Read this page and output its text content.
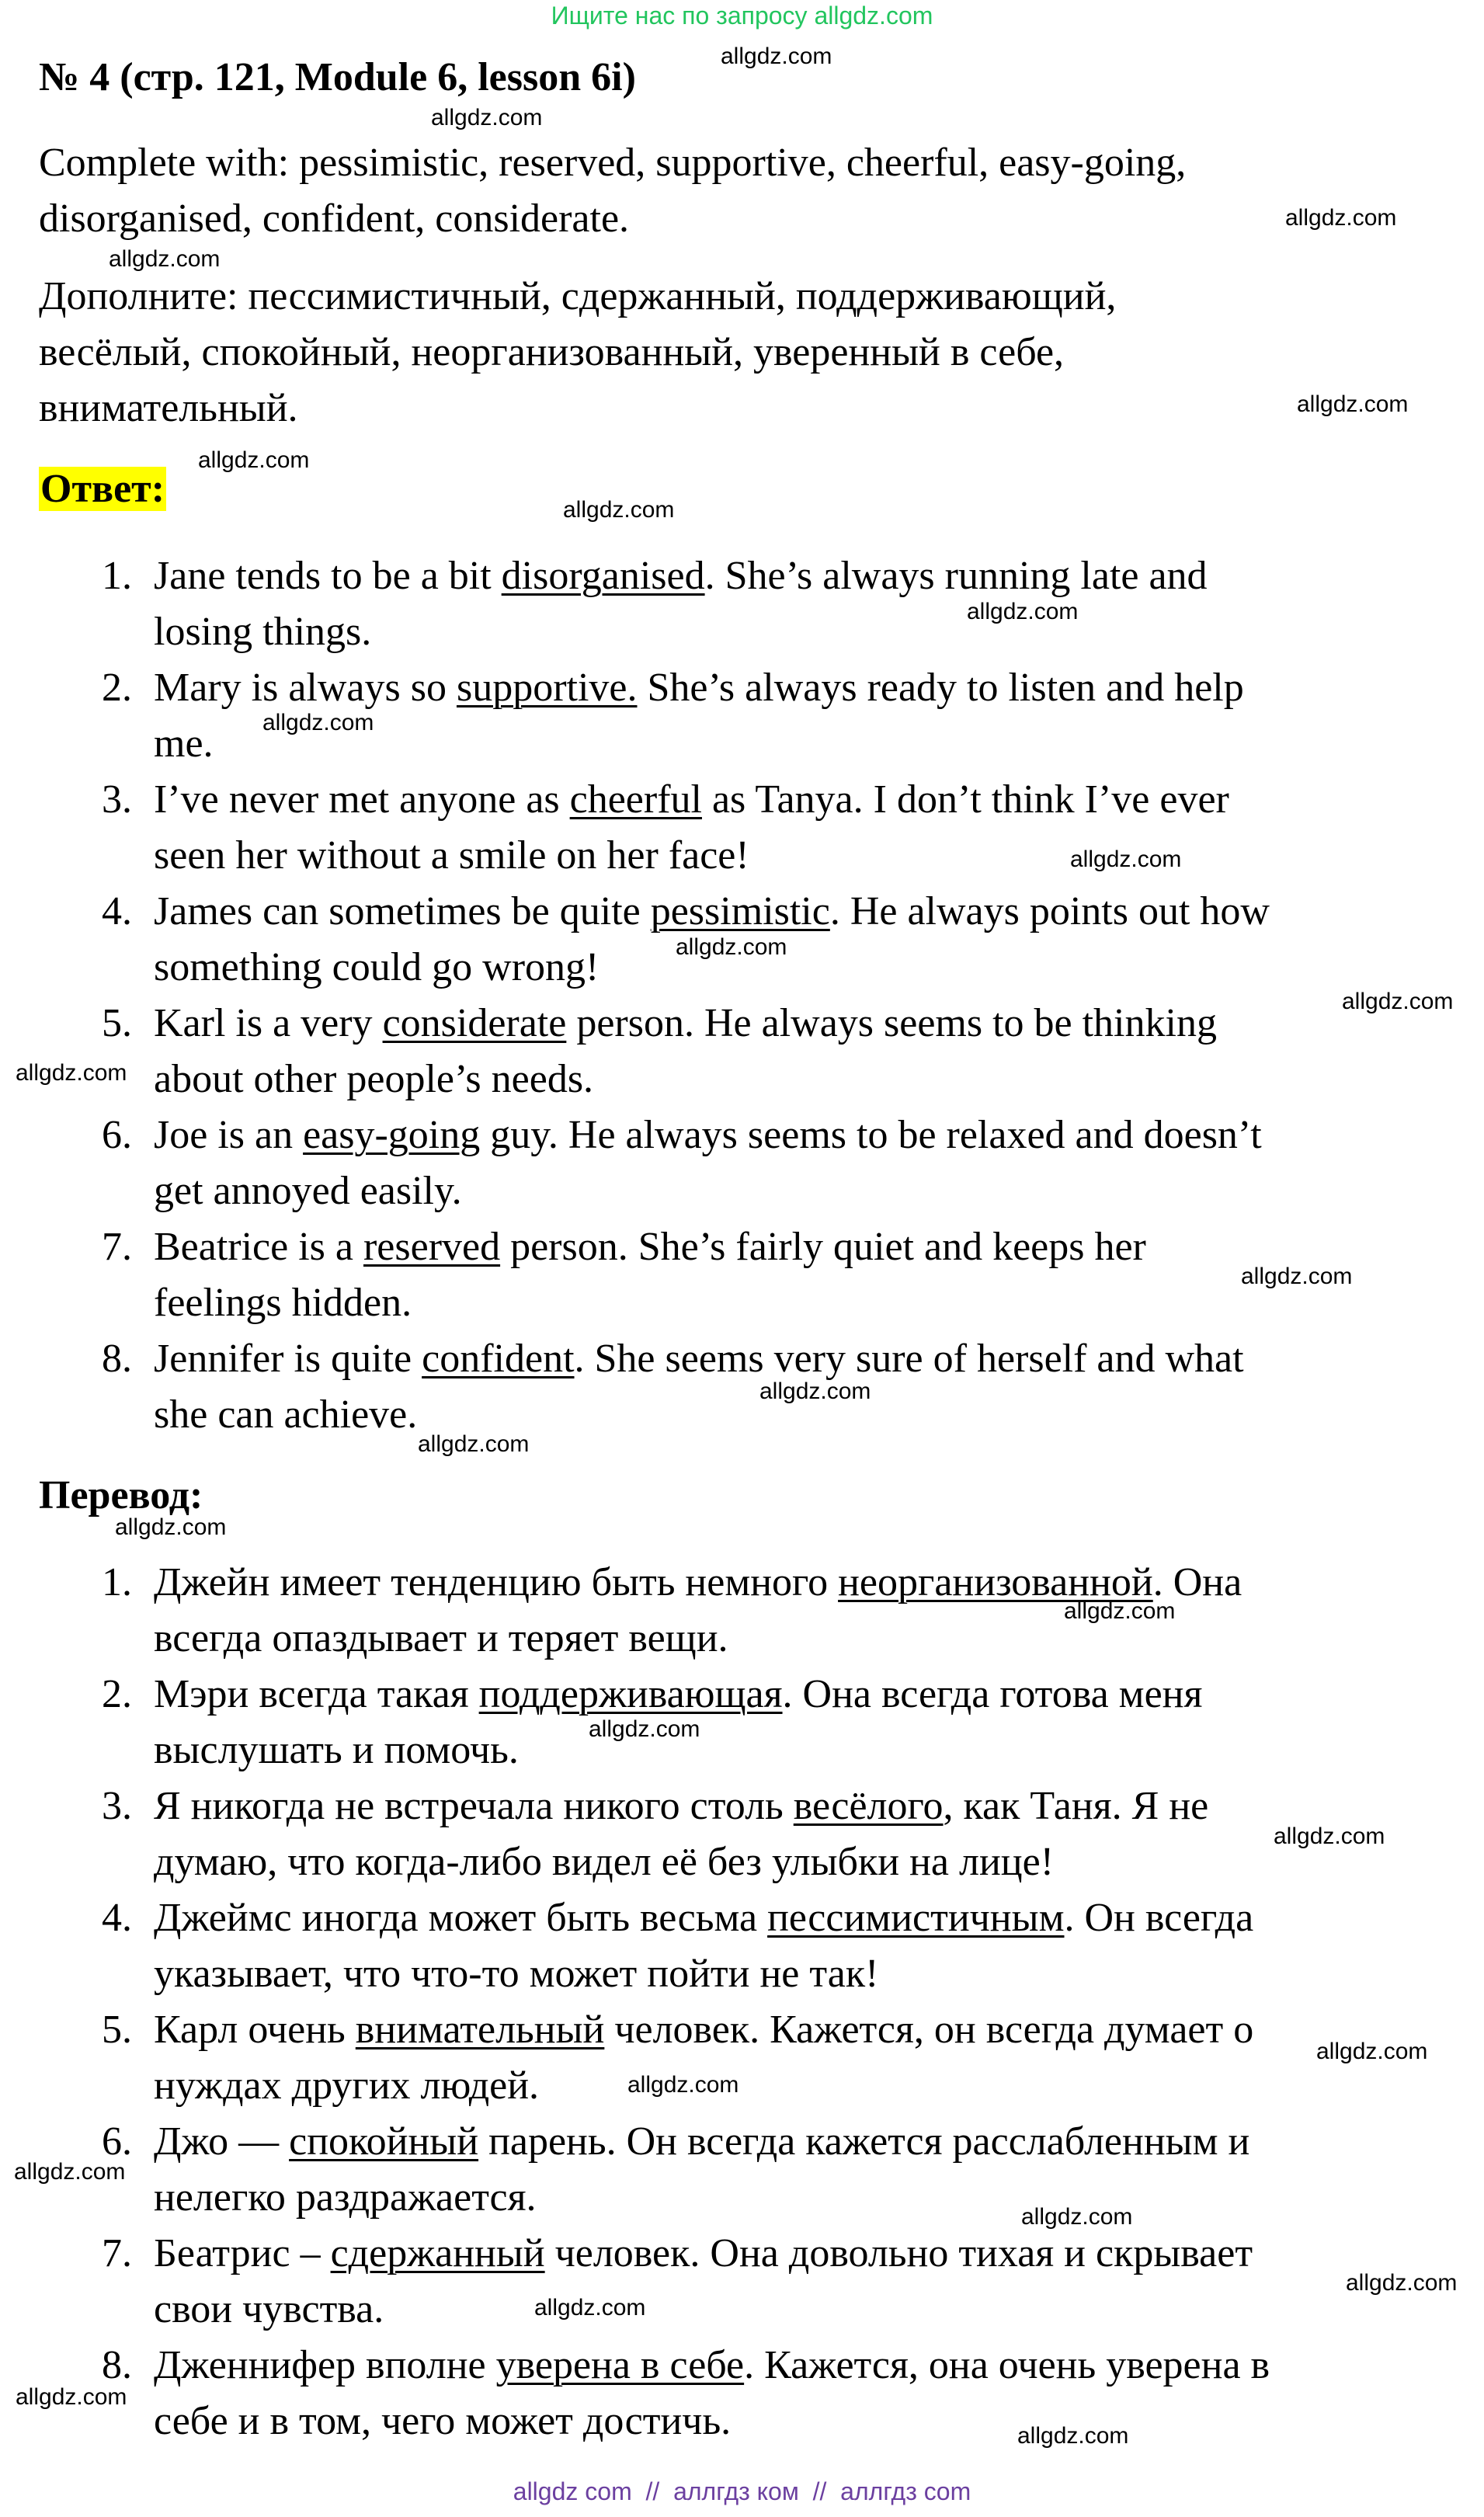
Ищите нас по запросу allgdz.com
№ 4 (стр. 121, Module 6, lesson 6i)
Complete with: pessimistic, reserved, supportive, cheerful, easy-going,
disorganised, confident, considerate.
Дополните: пессимистичный, сдержанный, поддерживающий,
весёлый, спокойный, неорганизованный, уверенный в себе,
внимательный.
Ответ:
1. Jane tends to be a bit disorganised. She’s always running late and
losing things.
2. Mary is always so supportive. She’s always ready to listen and help
me.
3. I’ve never met anyone as cheerful as Tanya. I don’t think I’ve ever
seen her without a smile on her face!
4. James can sometimes be quite pessimistic. He always points out how
something could go wrong!
5. Karl is a very considerate person. He always seems to be thinking
about other people’s needs.
6. Joe is an easy-going guy. He always seems to be relaxed and doesn’t
get annoyed easily.
7. Beatrice is a reserved person. She’s fairly quiet and keeps her
feelings hidden.
8. Jennifer is quite confident. She seems very sure of herself and what
she can achieve.
Перевод:
1. Джейн имеет тенденцию быть немного неорганизованной. Она
всегда опаздывает и теряет вещи.
2. Мэри всегда такая поддерживающая. Она всегда готова меня
выслушать и помочь.
3. Я никогда не встречала никого столь весёлого, как Таня. Я не
думаю, что когда-либо видел её без улыбки на лице!
4. Джеймс иногда может быть весьма пессимистичным. Он всегда
указывает, что что-то может пойти не так!
5. Карл очень внимательный человек. Кажется, он всегда думает о
нуждах других людей.
6. Джо — спокойный парень. Он всегда кажется расслабленным и
нелегко раздражается.
7. Беатрис – сдержанный человек. Она довольно тихая и скрывает
свои чувства.
8. Дженнифер вполне уверена в себе. Кажется, она очень уверена в
себе и в том, чего может достичь.
allgdz.com
allgdz.com
allgdz.com
allgdz.com
allgdz.com
allgdz.com
allgdz.com
allgdz.com
allgdz.com
allgdz.com
allgdz.com
allgdz.com
allgdz.com
allgdz.com
allgdz.com
allgdz.com
allgdz.com
allgdz.com
allgdz.com
allgdz.com
allgdz.com
allgdz.com
allgdz.com
allgdz.com
allgdz.com
allgdz.com
allgdz.com
allgdz.com
allgdz com  //  аллгдз ком  //  аллгдз com
